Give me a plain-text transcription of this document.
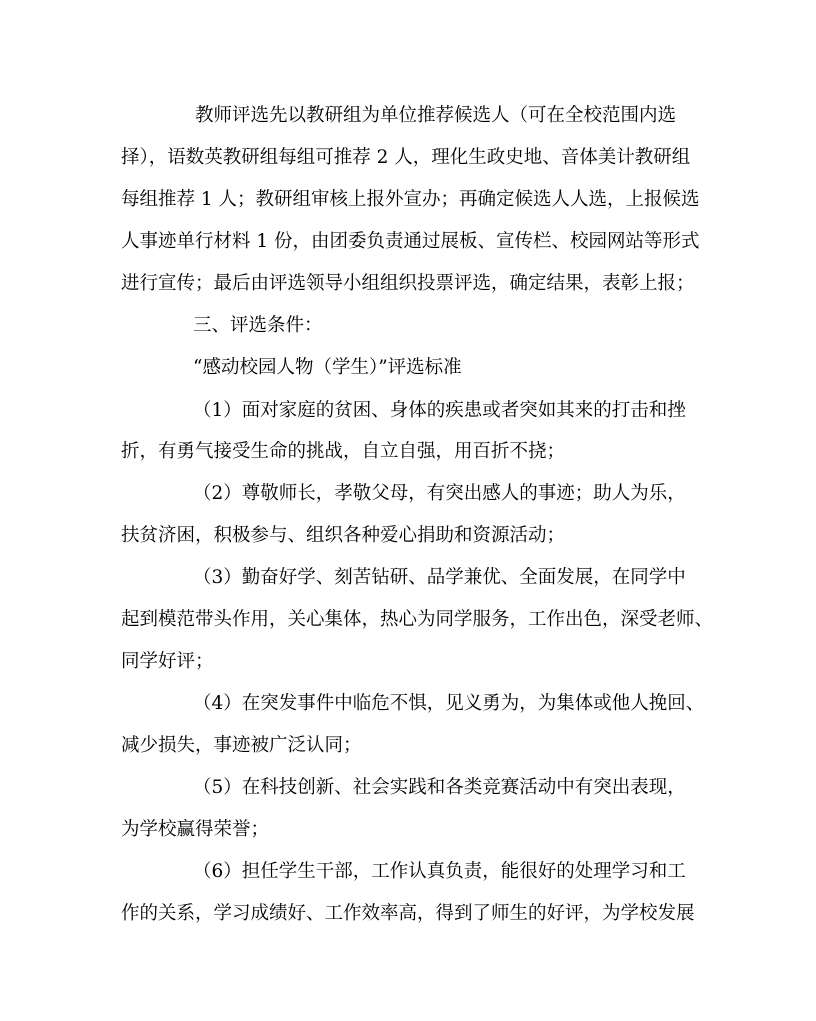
教师评选先以教研组为单位推荐候选人（可在全校范围内选
择），语数英教研组每组可推荐 2 人，理化生政史地、音体美计教研组
每组推荐 1 人；教研组审核上报外宣办；再确定候选人人选，上报候选
人事迹单行材料 1 份，由团委负责通过展板、宣传栏、校园网站等形式
进行宣传；最后由评选领导小组组织投票评选，确定结果，表彰上报；
三、评选条件：
“感动校园人物（学生）”评选标准
（1）面对家庭的贫困、身体的疾患或者突如其来的打击和挫
折，有勇气接受生命的挑战，自立自强，用百折不挠；
（2）尊敬师长，孝敬父母，有突出感人的事迹；助人为乐，
扶贫济困，积极参与、组织各种爱心捐助和资源活动；
（3）勤奋好学、刻苦钻研、品学兼优、全面发展，在同学中
起到模范带头作用，关心集体，热心为同学服务，工作出色，深受老师、
同学好评；
（4）在突发事件中临危不惧，见义勇为，为集体或他人挽回、
减少损失，事迹被广泛认同；
（5）在科技创新、社会实践和各类竞赛活动中有突出表现，
为学校赢得荣誉；
（6）担任学生干部，工作认真负责，能很好的处理学习和工
作的关系，学习成绩好、工作效率高，得到了师生的好评，为学校发展
